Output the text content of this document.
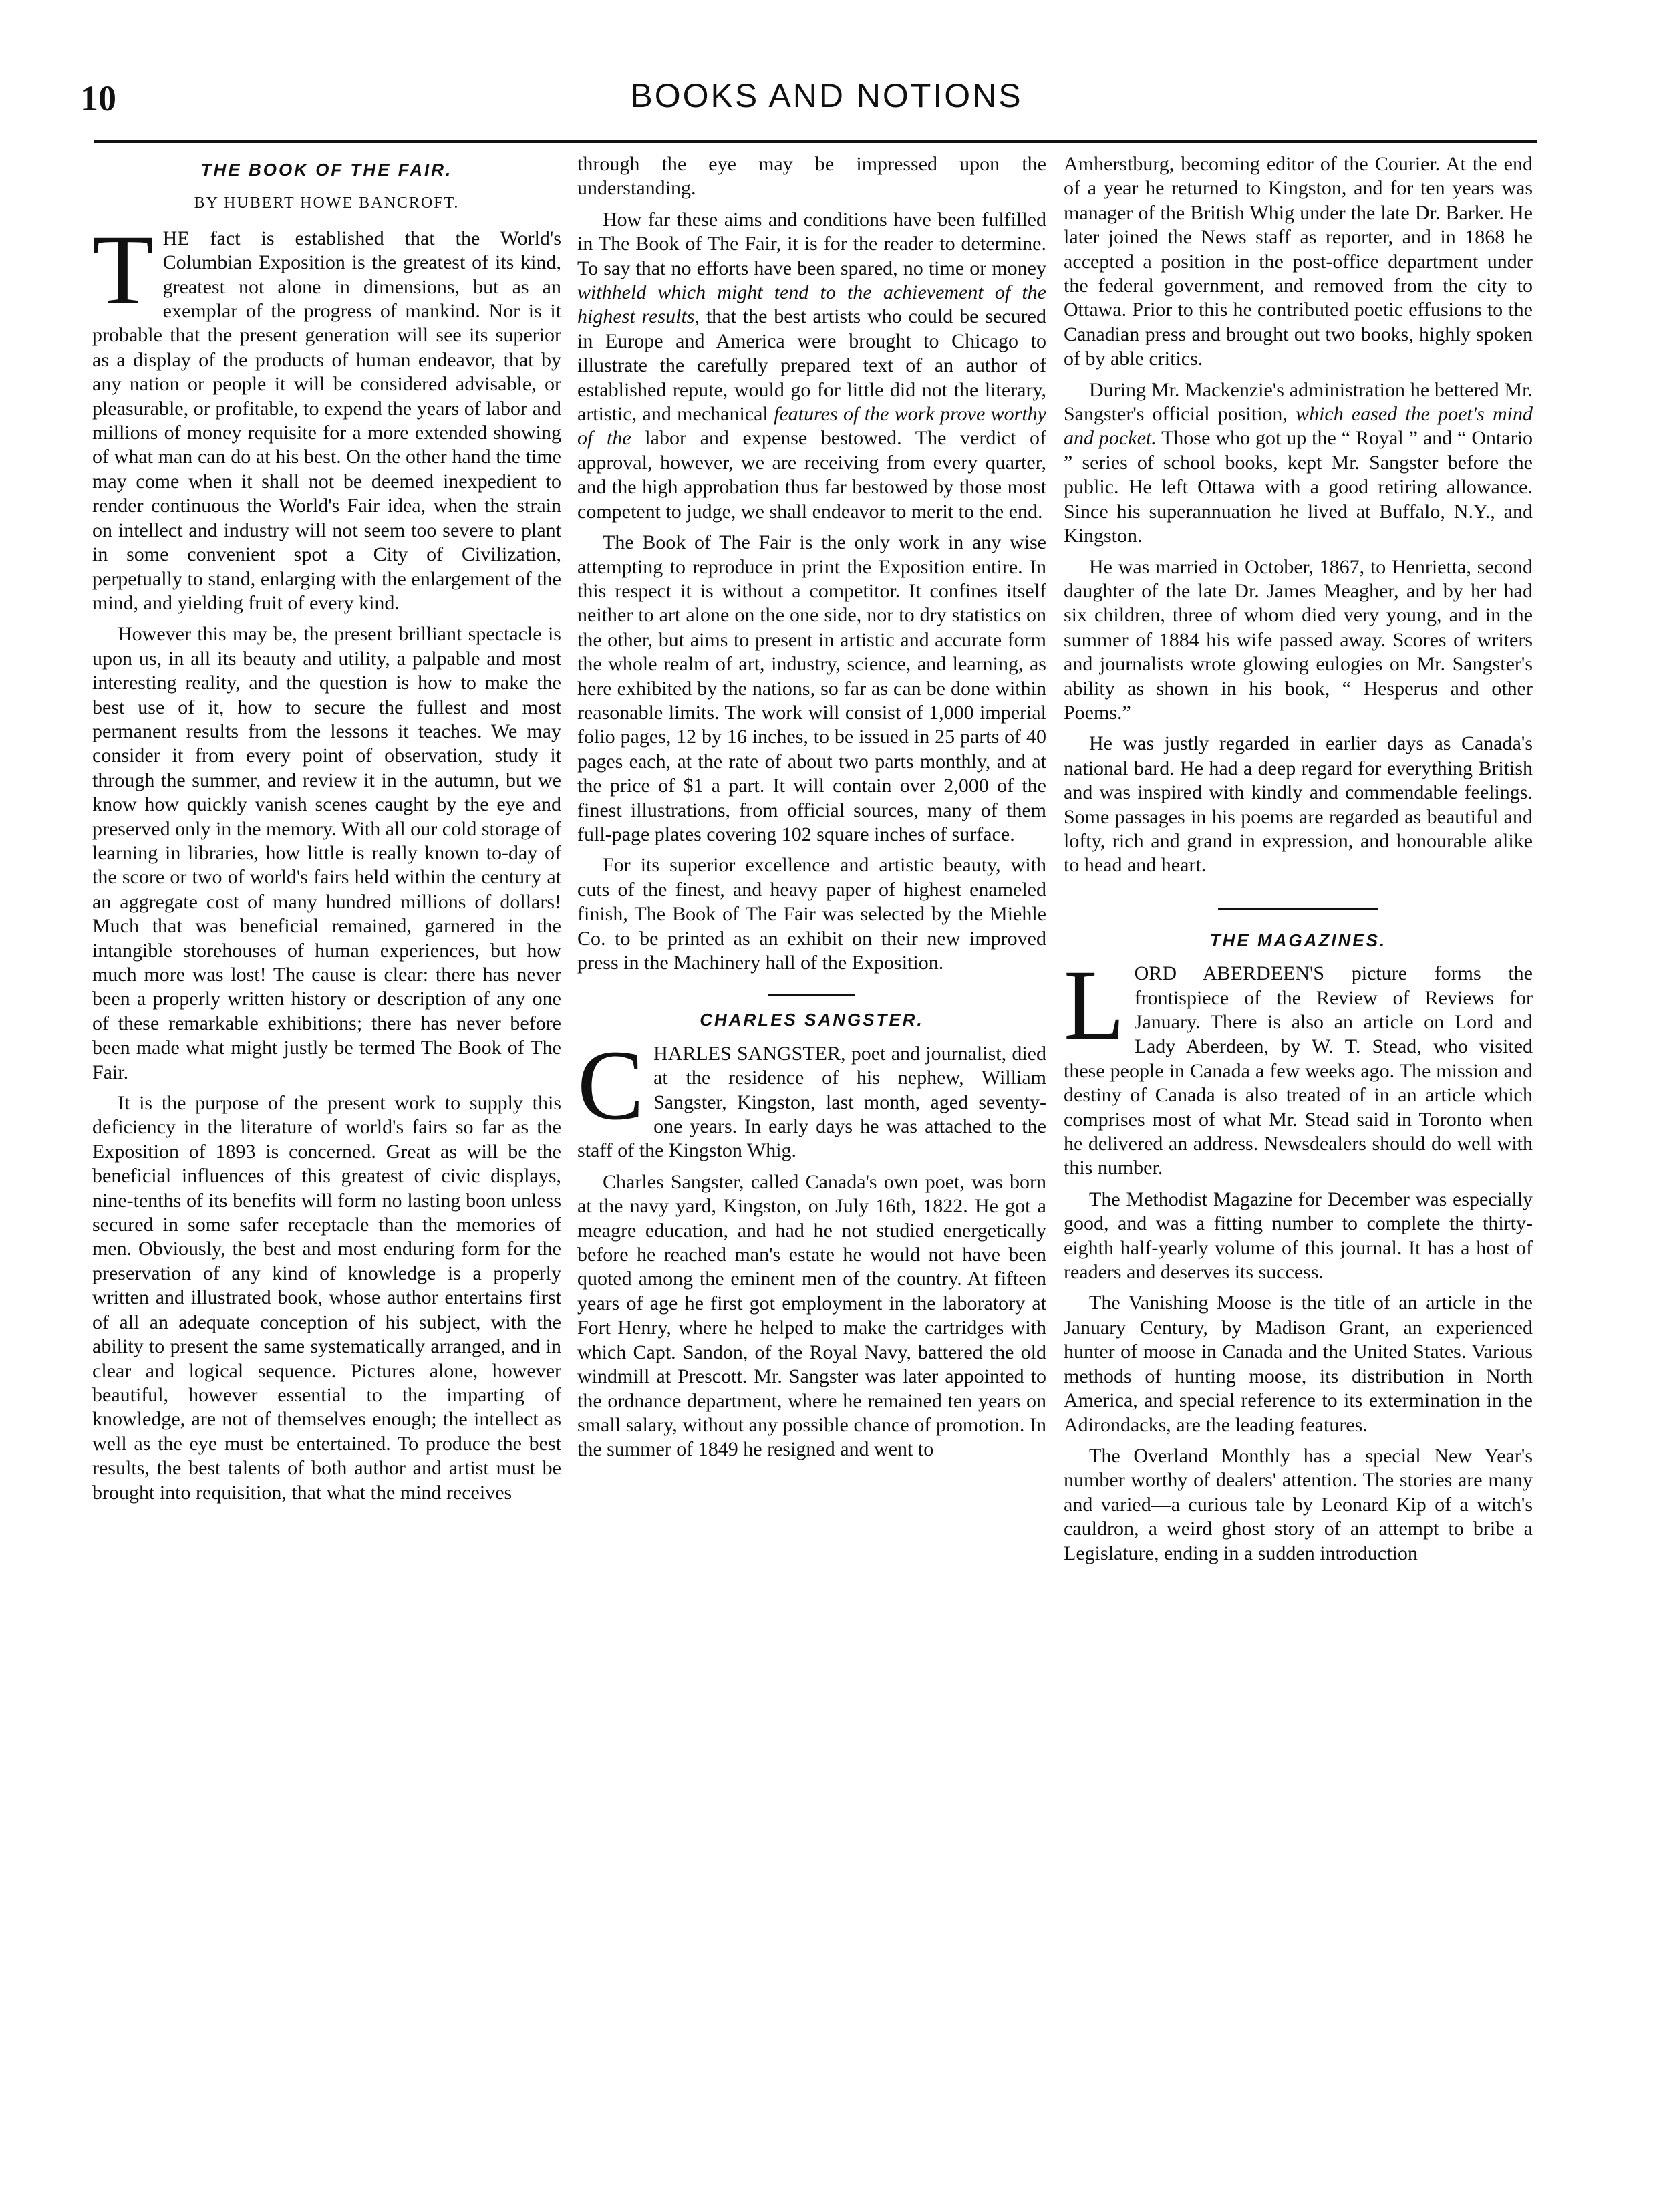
10	BOOKS AND NOTIONS
THE BOOK OF THE FAIR.
BY HUBERT HOWE BANCROFT.

THE fact is established that the World's Columbian Exposition is the greatest of its kind, greatest not alone in dimensions, but as an exemplar of the progress of mankind. Nor is it probable that the present generation will see its superior as a display of the products of human endeavor, that by any nation or people it will be considered advisable, or pleasurable, or profitable, to expend the years of labor and millions of money requisite for a more extended showing of what man can do at his best. On the other hand the time may come when it shall not be deemed inexpedient to render continuous the World's Fair idea, when the strain on intellect and industry will not seem too severe to plant in some convenient spot a City of Civilization, perpetually to stand, enlarging with the enlargement of the mind, and yielding fruit of every kind.

However this may be, the present brilliant spectacle is upon us, in all its beauty and utility, a palpable and most interesting reality, and the question is how to make the best use of it, how to secure the fullest and most permanent results from the lessons it teaches. We may consider it from every point of observation, study it through the summer, and review it in the autumn, but we know how quickly vanish scenes caught by the eye and preserved only in the memory. With all our cold storage of learning in libraries, how little is really known to-day of the score or two of world's fairs held within the century at an aggregate cost of many hundred millions of dollars! Much that was beneficial remained, garnered in the intangible storehouses of human experiences, but how much more was lost! The cause is clear: there has never been a properly written history or description of any one of these remarkable exhibitions; there has never before been made what might justly be termed The Book of The Fair.

It is the purpose of the present work to supply this deficiency in the literature of world's fairs so far as the Exposition of 1893 is concerned. Great as will be the beneficial influences of this greatest of civic displays, nine-tenths of its benefits will form no lasting boon unless secured in some safer receptacle than the memories of men. Obviously, the best and most enduring form for the preservation of any kind of knowledge is a properly written and illustrated book, whose author entertains first of all an adequate conception of his subject, with the ability to present the same systematically arranged, and in clear and logical sequence. Pictures alone, however beautiful, however essential to the imparting of knowledge, are not of themselves enough; the intellect as well as the eye must be entertained. To produce the best results, the best talents of both author and artist must be brought into requisition, that what the mind receives

through the eye may be impressed upon the understanding.

How far these aims and conditions have been fulfilled in The Book of The Fair, it is for the reader to determine. To say that no efforts have been spared, no time or money withheld which might tend to the achievement of the highest results, that the best artists who could be secured in Europe and America were brought to Chicago to illustrate the carefully prepared text of an author of established repute, would go for little did not the literary, artistic, and mechanical features of the work prove worthy of the labor and expense bestowed. The verdict of approval, however, we are receiving from every quarter, and the high approbation thus far bestowed by those most competent to judge, we shall endeavor to merit to the end.

The Book of The Fair is the only work in any wise attempting to reproduce in print the Exposition entire. In this respect it is without a competitor. It confines itself neither to art alone on the one side, nor to dry statistics on the other, but aims to present in artistic and accurate form the whole realm of art, industry, science, and learning, as here exhibited by the nations, so far as can be done within reasonable limits. The work will consist of 1,000 imperial folio pages, 12 by 16 inches, to be issued in 25 parts of 40 pages each, at the rate of about two parts monthly, and at the price of $1 a part. It will contain over 2,000 of the finest illustrations, from official sources, many of them full-page plates covering 102 square inches of surface.

For its superior excellence and artistic beauty, with cuts of the finest, and heavy paper of highest enameled finish, The Book of The Fair was selected by the Miehle Co. to be printed as an exhibit on their new improved press in the Machinery hall of the Exposition.

CHARLES SANGSTER.

CHARLES SANGSTER, poet and journalist, died at the residence of his nephew, William Sangster, Kingston, last month, aged seventy-one years. In early days he was attached to the staff of the Kingston Whig.

Charles Sangster, called Canada's own poet, was born at the navy yard, Kingston, on July 16th, 1822. He got a meagre education, and had he not studied energetically before he reached man's estate he would not have been quoted among the eminent men of the country. At fifteen years of age he first got employment in the laboratory at Fort Henry, where he helped to make the cartridges with which Capt. Sandon, of the Royal Navy, battered the old windmill at Prescott. Mr. Sangster was later appointed to the ordnance department, where he remained ten years on small salary, without any possible chance of promotion. In the summer of 1849 he resigned and went to

Amherstburg, becoming editor of the Courier. At the end of a year he returned to Kingston, and for ten years was manager of the British Whig under the late Dr. Barker. He later joined the News staff as reporter, and in 1868 he accepted a position in the post-office department under the federal government, and removed from the city to Ottawa. Prior to this he contributed poetic effusions to the Canadian press and brought out two books, highly spoken of by able critics.

During Mr. Mackenzie's administration he bettered Mr. Sangster's official position, which eased the poet's mind and pocket. Those who got up the “ Royal ” and “ Ontario ” series of school books, kept Mr. Sangster before the public. He left Ottawa with a good retiring allowance. Since his superannuation he lived at Buffalo, N.Y., and Kingston.

He was married in October, 1867, to Henrietta, second daughter of the late Dr. James Meagher, and by her had six children, three of whom died very young, and in the summer of 1884 his wife passed away. Scores of writers and journalists wrote glowing eulogies on Mr. Sangster's ability as shown in his book, “ Hesperus and other Poems.”

He was justly regarded in earlier days as Canada's national bard. He had a deep regard for everything British and was inspired with kindly and commendable feelings. Some passages in his poems are regarded as beautiful and lofty, rich and grand in expression, and honourable alike to head and heart.

THE MAGAZINES.

LORD ABERDEEN'S picture forms the frontispiece of the Review of Reviews for January. There is also an article on Lord and Lady Aberdeen, by W. T. Stead, who visited these people in Canada a few weeks ago. The mission and destiny of Canada is also treated of in an article which comprises most of what Mr. Stead said in Toronto when he delivered an address. Newsdealers should do well with this number.

The Methodist Magazine for December was especially good, and was a fitting number to complete the thirty-eighth half-yearly volume of this journal. It has a host of readers and deserves its success.

The Vanishing Moose is the title of an article in the January Century, by Madison Grant, an experienced hunter of moose in Canada and the United States. Various methods of hunting moose, its distribution in North America, and special reference to its extermination in the Adirondacks, are the leading features.

The Overland Monthly has a special New Year's number worthy of dealers' attention. The stories are many and varied—a curious tale by Leonard Kip of a witch's cauldron, a weird ghost story of an attempt to bribe a Legislature, ending in a sudden introduction
